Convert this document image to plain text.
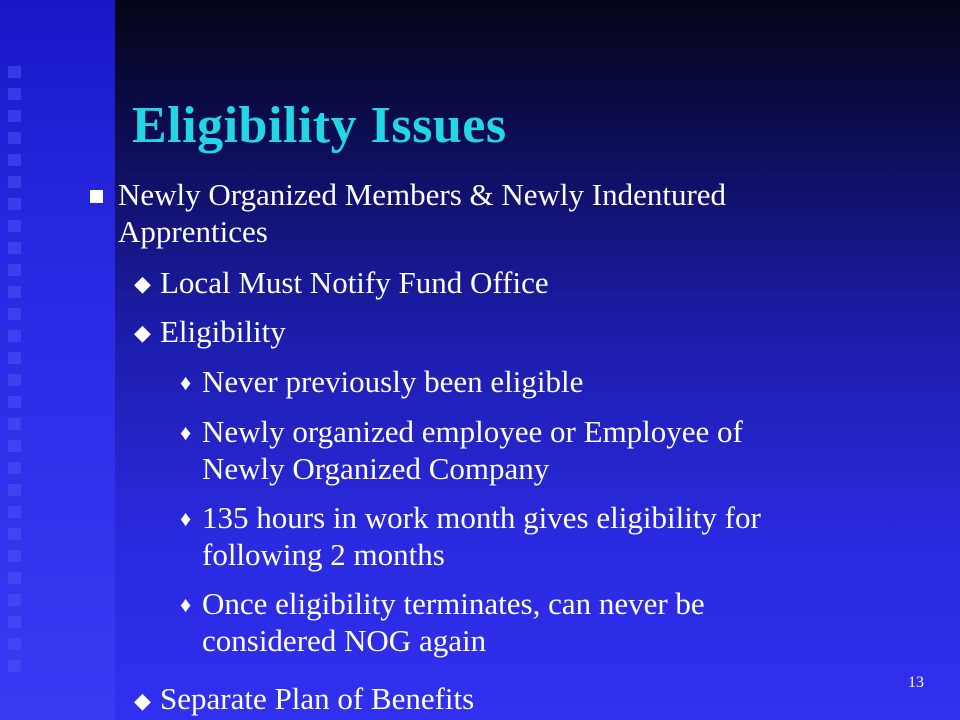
Eligibility Issues
Newly Organized Members & Newly Indentured
Apprentices
◆ Local Must Notify Fund Office
◆ Eligibility
♦ Never previously been eligible
♦ Newly organized employee or Employee of
Newly Organized Company
♦ 135 hours in work month gives eligibility for
following 2 months
♦ Once eligibility terminates, can never be
considered NOG again
◆ Separate Plan of Benefits	13
